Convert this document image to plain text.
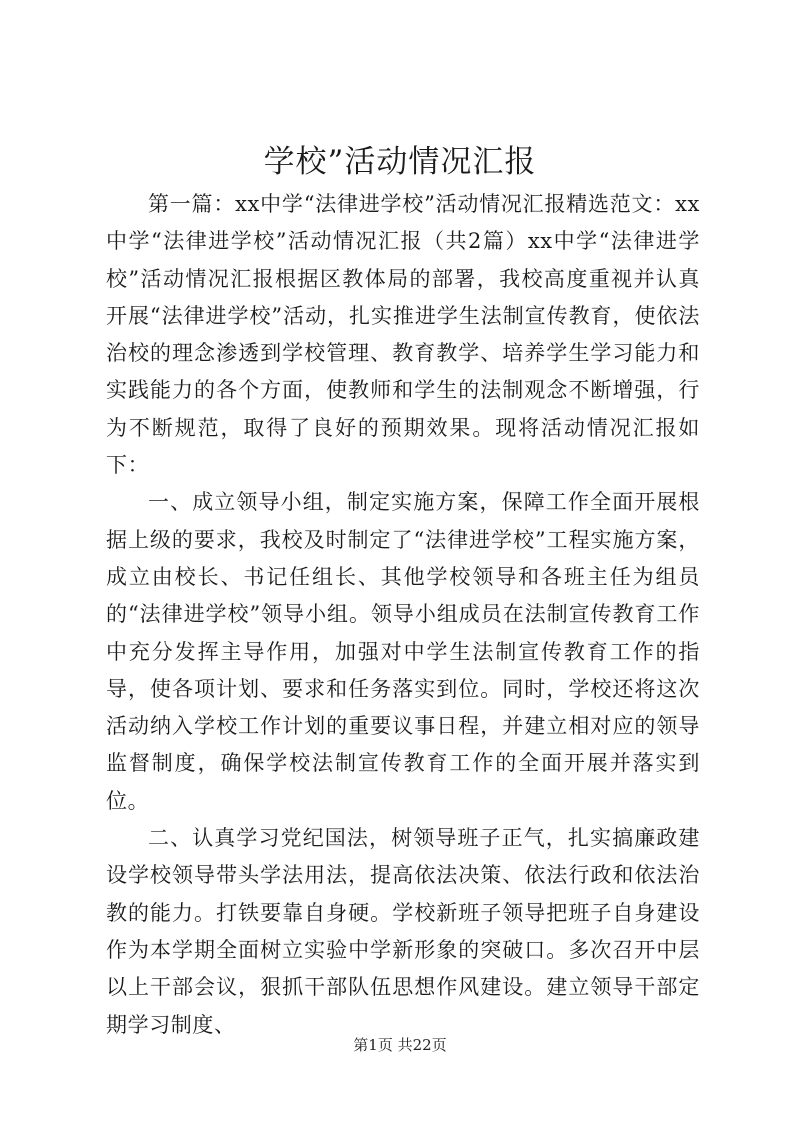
学校”活动情况汇报

第一篇：xx中学“法律进学校”活动情况汇报精选范文：xx中学“法律进学校”活动情况汇报（共2篇）xx中学“法律进学校”活动情况汇报根据区教体局的部署，我校高度重视并认真开展“法律进学校”活动，扎实推进学生法制宣传教育，使依法治校的理念渗透到学校管理、教育教学、培养学生学习能力和实践能力的各个方面，使教师和学生的法制观念不断增强，行为不断规范，取得了良好的预期效果。现将活动情况汇报如下：

一、成立领导小组，制定实施方案，保障工作全面开展根据上级的要求，我校及时制定了“法律进学校”工程实施方案，成立由校长、书记任组长、其他学校领导和各班主任为组员的“法律进学校”领导小组。领导小组成员在法制宣传教育工作中充分发挥主导作用，加强对中学生法制宣传教育工作的指导，使各项计划、要求和任务落实到位。同时，学校还将这次活动纳入学校工作计划的重要议事日程，并建立相对应的领导监督制度，确保学校法制宣传教育工作的全面开展并落实到位。

二、认真学习党纪国法，树领导班子正气，扎实搞廉政建设学校领导带头学法用法，提高依法决策、依法行政和依法治教的能力。打铁要靠自身硬。学校新班子领导把班子自身建设作为本学期全面树立实验中学新形象的突破口。多次召开中层以上干部会议，狠抓干部队伍思想作风建设。建立领导干部定期学习制度、

第1页 共22页
